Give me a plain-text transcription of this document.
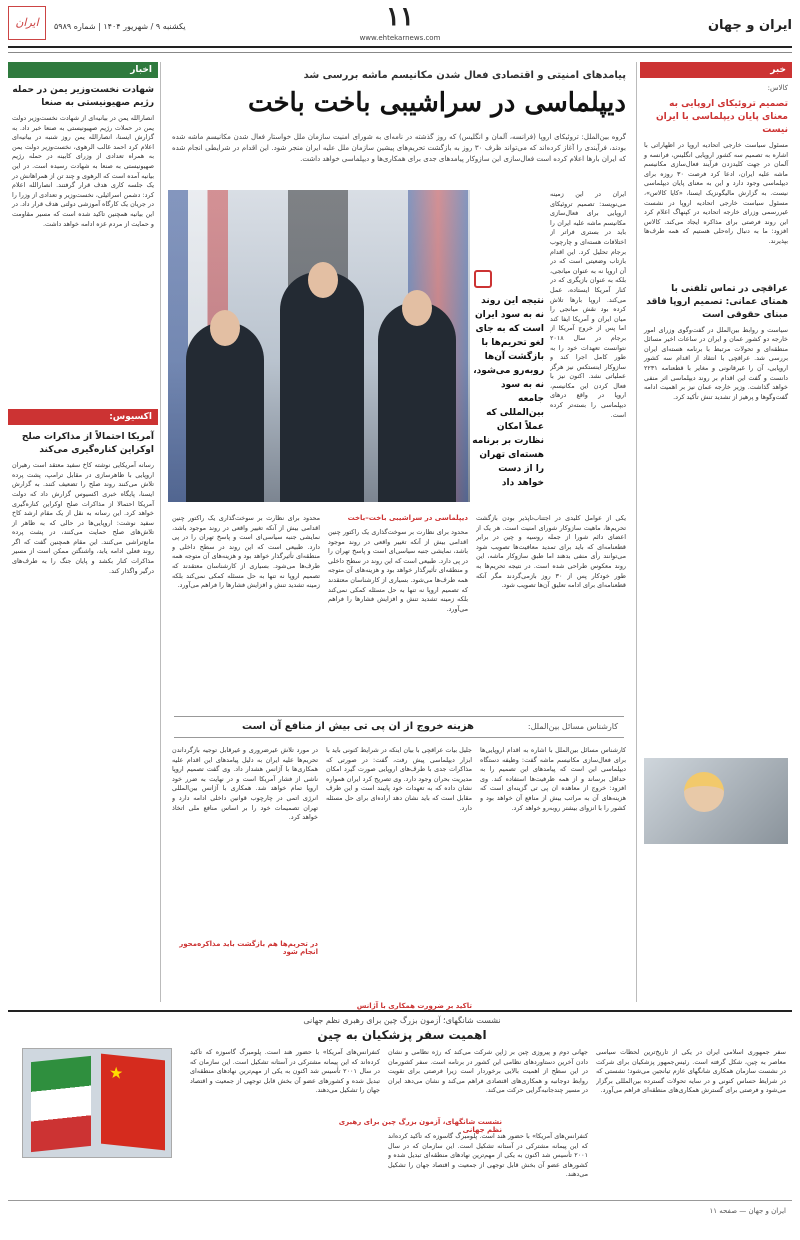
ایران	یکشنبه ۹ / شهریور ۱۴۰۴ | شماره ۵۹۸۹	۱۱
www.ehtekarnews.com
ایران و جهان
اخبار
شهادت نخست‌وزیر یمن در حمله رژیم صهیونیستی به صنعا
انصارالله یمن در بیانیه‌ای از شهادت نخست‌وزیر دولت یمن در حملات رژیم صهیونیستی به صنعا خبر داد. به گزارش ایسنا، انصارالله یمن روز شنبه در بیانیه‌ای اعلام کرد احمد غالب الرهوی، نخست‌وزیر دولت یمن به همراه تعدادی از وزرای کابینه در حمله رژیم صهیونیستی به صنعا به شهادت رسیده است. در این بیانیه آمده است که الرهوی و چند تن از همراهانش در یک جلسه کاری هدف قرار گرفتند. انصارالله اعلام کرد: دشمن اسرائیلی، نخست‌وزیر و تعدادی از وزرا را در جریان یک کارگاه آموزشی دولتی هدف قرار داد. در این بیانیه همچنین تاکید شده است که مسیر مقاومت و حمایت از مردم غزه ادامه خواهد داشت.
اکسیوس:
آمریکا احتمالاً از مذاکرات صلح اوکراین کناره‌گیری می‌کند
رسانه آمریکایی نوشته کاخ سفید معتقد است رهبران اروپایی با ظاهرسازی در مقابل ترامپ، پشت پرده تلاش می‌کنند روند صلح را تضعیف کنند. به گزارش ایسنا، پایگاه خبری اکسیوس گزارش داد که دولت آمریکا احتمالا از مذاکرات صلح اوکراین کناره‌گیری خواهد کرد. این رسانه به نقل از یک مقام ارشد کاخ سفید نوشت: اروپایی‌ها در حالی که به ظاهر از تلاش‌های صلح حمایت می‌کنند، در پشت پرده مانع‌تراشی می‌کنند. این مقام همچنین گفت که اگر روند فعلی ادامه یابد، واشنگتن ممکن است از مسیر مذاکرات کنار بکشد و پایان جنگ را به طرف‌های درگیر واگذار کند.
پیامدهای امنیتی و اقتصادی فعال شدن مکانیسم ماشه بررسی شد
دیپلماسی در سراشیبی باخت باخت
گروه بین‌الملل: تروئیکای اروپا (فرانسه، آلمان و انگلیس) که روز گذشته در نامه‌ای به شورای امنیت سازمان ملل خواستار فعال شدن مکانیسم ماشه شده بودند، فرآیندی را آغاز کرده‌اند که می‌تواند ظرف ۳۰ روز به بازگشت تحریم‌های پیشین سازمان ملل علیه ایران منجر شود. این اقدام در شرایطی انجام شده که ایران بارها اعلام کرده است فعال‌سازی این سازوکار پیامدهای جدی برای همکاری‌ها و دیپلماسی خواهد داشت.
نتیجه این روند نه به سود ایران است که به جای لغو تحریم‌ها با بازگشت آن‌ها روبه‌رو می‌شود، نه به سود جامعه بین‌المللی که عملاً امکان نظارت بر برنامه هسته‌ای تهران را از دست خواهد داد
ایران در این زمینه می‌نویسد: تصمیم تروئیکای اروپایی برای فعال‌سازی مکانیسم ماشه علیه ایران را باید در بستری فراتر از اختلافات هسته‌ای و چارچوب برجام تحلیل کرد. این اقدام بازتاب وضعیتی است که در آن اروپا نه به عنوان میانجی، بلکه به عنوان بازیگری که در کنار آمریکا ایستاده، عمل می‌کند. اروپا بارها تلاش کرده بود نقش میانجی را میان ایران و آمریکا ایفا کند اما پس از خروج آمریکا از برجام در سال ۲۰۱۸ نتوانست تعهدات خود را به طور کامل اجرا کند و سازوکار اینستکس نیز هرگز عملیاتی نشد. اکنون نیز با فعال کردن این مکانیسم، اروپا در واقع درهای دیپلماسی را بسته‌تر کرده است.
یکی از عوامل کلیدی در اجتناب‌ناپذیر بودن بازگشت تحریم‌ها، ماهیت سازوکار شورای امنیت است. هر یک از اعضای دائم شورا از جمله روسیه و چین در برابر قطعنامه‌ای که باید برای تمدید معافیت‌ها تصویب شود می‌توانند رأی منفی بدهند اما طبق سازوکار ماشه، این روند معکوس طراحی شده است. در نتیجه تحریم‌ها به طور خودکار پس از ۳۰ روز بازمی‌گردند مگر آنکه قطعنامه‌ای برای ادامه تعلیق آن‌ها تصویب شود.
دیپلماسی در سراشیبی باخت–باخت
محدود برای نظارت بر سوخت‌گذاری یک راکتور چنین اقدامی بیش از آنکه تغییر واقعی در روند موجود باشد، نمایشی جنبه سیاسی‌ای است و پاسخ تهران را در پی دارد. طبیعی است که این روند در سطح داخلی و منطقه‌ای تأثیرگذار خواهد بود و هزینه‌های آن متوجه همه طرف‌ها می‌شود. بسیاری از کارشناسان معتقدند که تصمیم اروپا نه تنها به حل مسئله کمکی نمی‌کند بلکه زمینه تشدید تنش و افزایش فشارها را فراهم می‌آورد.
محدود برای نظارت بر سوخت‌گذاری یک راکتور چنین اقدامی بیش از آنکه تغییر واقعی در روند موجود باشد، نمایشی جنبه سیاسی‌ای است و پاسخ تهران را در پی دارد. طبیعی است که این روند در سطح داخلی و منطقه‌ای تأثیرگذار خواهد بود و هزینه‌های آن متوجه همه طرف‌ها می‌شود. بسیاری از کارشناسان معتقدند که تصمیم اروپا نه تنها به حل مسئله کمکی نمی‌کند بلکه زمینه تشدید تنش و افزایش فشارها را فراهم می‌آورد.
هزینه خروج از ان پی تی بیش از منافع آن است	کارشناس مسائل بین‌الملل:
کارشناس مسائل بین‌الملل با اشاره به اقدام اروپایی‌ها برای فعال‌سازی مکانیسم ماشه گفت: وظیفه دستگاه دیپلماسی این است که پیامدهای این تصمیم را به حداقل برساند و از همه ظرفیت‌ها استفاده کند. وی افزود: خروج از معاهده ان پی تی گزینه‌ای است که هزینه‌های آن به مراتب بیش از منافع آن خواهد بود و کشور را با انزوای بیشتر روبه‌رو خواهد کرد.
جلیل بیات عراقچی با بیان اینکه در شرایط کنونی باید با ابزار دیپلماسی پیش رفت، گفت: در صورتی که مذاکرات جدی با طرف‌های اروپایی صورت گیرد امکان مدیریت بحران وجود دارد. وی تصریح کرد ایران همواره نشان داده که به تعهدات خود پایبند است و این طرف مقابل است که باید نشان دهد اراده‌ای برای حل مسئله دارد.
تاکید بر ضرورت همکاری با آژانس
در مورد تلاش غیرضروری و غیرقابل توجیه بازگرداندن تحریم‌ها علیه ایران به دلیل پیامدهای این اقدام علیه همکاری‌ها با آژانس هشدار داد. وی گفت تصمیم اروپا ناشی از فشار آمریکا است و در نهایت به ضرر خود اروپا تمام خواهد شد. همکاری با آژانس بین‌المللی انرژی اتمی در چارچوب قوانین داخلی ادامه دارد و تهران تصمیمات خود را بر اساس منافع ملی اتخاذ خواهد کرد.
در تحریم‌ها هم بازگشت باید مذاکره‌محور انجام شود
خبر
کالاس:
تصمیم تروئیکای اروپایی به معنای پایان دیپلماسی با ایران نیست
مسئول سیاست خارجی اتحادیه اروپا در اظهاراتی با اشاره به تصمیم سه کشور اروپایی انگلیس، فرانسه و آلمان در جهت کلیدزدن فرآیند فعال‌سازی مکانیسم ماشه علیه ایران، ادعا کرد فرصت ۳۰ روزه برای دیپلماسی وجود دارد و این به معنای پایان دیپلماسی نیست. به گزارش مالیگونزیک ایسنا، «کایا کالاس»، مسئول سیاست خارجی اتحادیه اروپا در نشست غیررسمی وزرای خارجه اتحادیه در کپنهاگ اعلام کرد این روند فرصتی برای مذاکره ایجاد می‌کند. کالاس افزود: ما به دنبال راه‌حلی هستیم که همه طرف‌ها بپذیرند.
عراقچی در تماس تلفنی با همتای عمانی: تصمیم اروپا فاقد مبنای حقوقی است
سیاست و روابط بین‌الملل در گفت‌وگوی وزرای امور خارجه دو کشور عمان و ایران در ساعات اخیر مسائل منطقه‌ای و تحولات مرتبط با برنامه هسته‌ای ایران بررسی شد. عراقچی با انتقاد از اقدام سه کشور اروپایی، آن را غیرقانونی و مغایر با قطعنامه ۲۲۳۱ دانست و گفت این اقدام بر روند دیپلماسی اثر منفی خواهد گذاشت. وزیر خارجه عمان نیز بر اهمیت ادامه گفت‌وگوها و پرهیز از تشدید تنش تأکید کرد.
نشست شانگهای؛ آزمون بزرگ چین برای رهبری نظم جهانی
اهمیت سفر پزشکیان به چین
★
نشست شانگهای، آزمون بزرگ چین برای رهبری نظم جهانی
سفر جمهوری اسلامی ایران در یکی از تاریخ‌ترین لحظات سیاسی معاصر به چین، شکل گرفته است. رئیس‌جمهور پزشکیان برای شرکت در نشست سازمان همکاری شانگهای عازم تیانجین می‌شود؛ نشستی که در شرایط حساس کنونی و در سایه تحولات گسترده بین‌المللی برگزار می‌شود و فرصتی برای گسترش همکاری‌های منطقه‌ای فراهم می‌آورد.
جهانی دوم و پیروزی چین بر ژاپن شرکت می‌کند که رژه نظامی و نشان دادن آخرین دستاوردهای نظامی این کشور در برنامه است. سفر کشورمان در این سطح از اهمیت بالایی برخوردار است زیرا فرصتی برای تقویت روابط دوجانبه و همکاری‌های اقتصادی فراهم می‌کند و نشان می‌دهد ایران در مسیر چندجانبه‌گرایی حرکت می‌کند.
کنفرانس‌های آمریکا» با حضور هند است. پلومبرگ گاسوزه که تأکید کرده‌اند که این پیمانه مشترکی در آستانه تشکیل است. این سازمان که در سال ۲۰۰۱ تأسیس شد اکنون به یکی از مهم‌ترین نهادهای منطقه‌ای تبدیل شده و کشورهای عضو آن بخش قابل توجهی از جمعیت و اقتصاد جهان را تشکیل می‌دهند.
کنفرانس‌های آمریکا» با حضور هند است. پلومبرگ گاسوزه که تأکید کرده‌اند که این پیمانه مشترکی در آستانه تشکیل است. این سازمان که در سال ۲۰۰۱ تأسیس شد اکنون به یکی از مهم‌ترین نهادهای منطقه‌ای تبدیل شده و کشورهای عضو آن بخش قابل توجهی از جمعیت و اقتصاد جهان را تشکیل می‌دهند.
ایران و جهان — صفحه ۱۱
